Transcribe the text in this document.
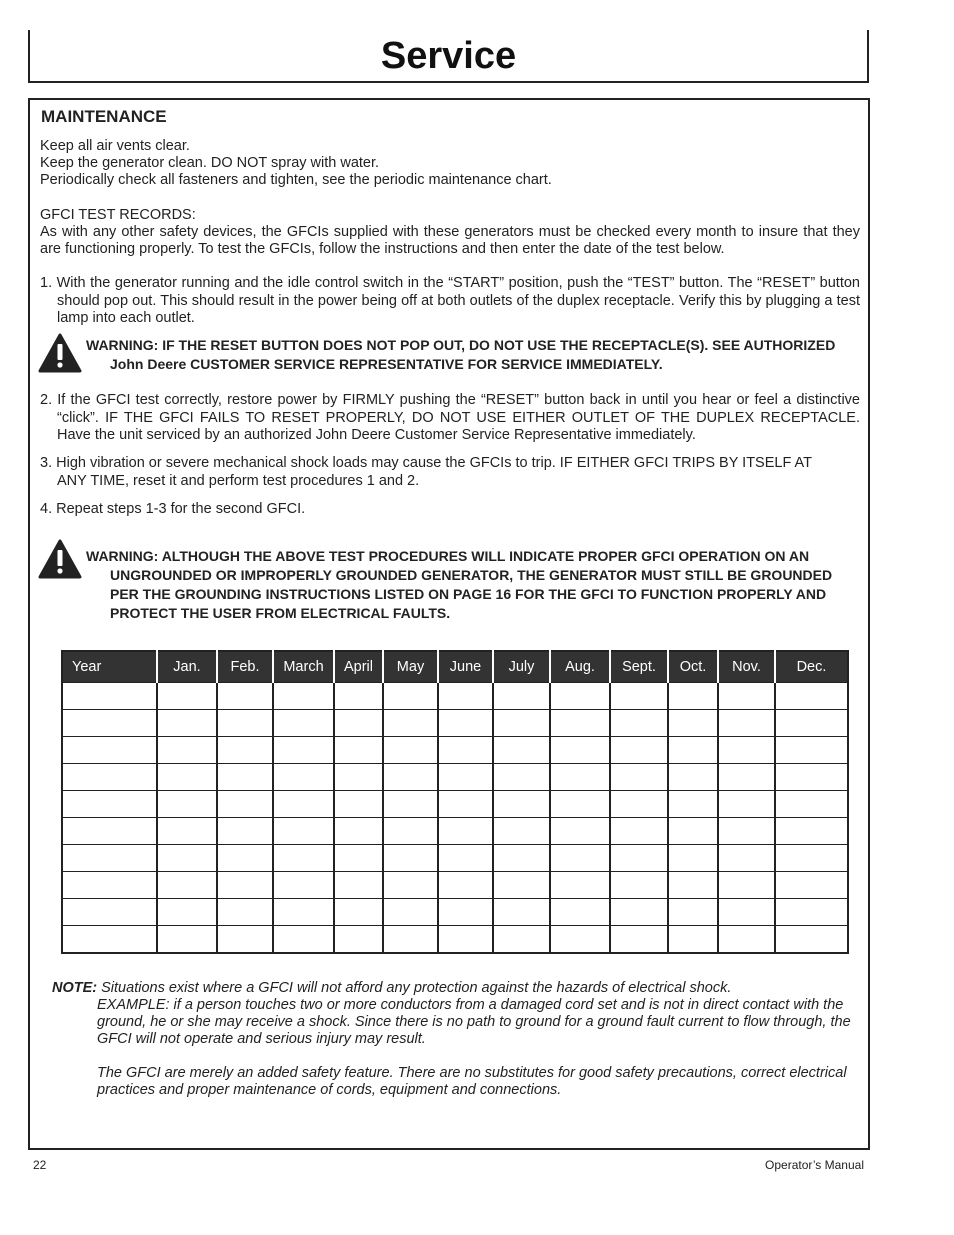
Service
MAINTENANCE
Keep all air vents clear.
Keep the generator clean. DO NOT spray with water.
Periodically check all fasteners and tighten, see the periodic maintenance chart.
GFCI TEST RECORDS:
As with any other safety devices, the GFCIs supplied with these generators must be checked every month to insure that they are functioning properly. To test the GFCIs, follow the instructions and then enter the date of the test below.
1. With the generator running and the idle control switch in the “START” position, push the “TEST” button. The “RESET” button should pop out. This should result in the power being off at both outlets of the duplex receptacle. Verify this by plugging a test lamp into each outlet.
WARNING: IF THE RESET BUTTON DOES NOT POP OUT, DO NOT USE THE RECEPTACLE(S). SEE AUTHORIZED John Deere CUSTOMER SERVICE REPRESENTATIVE FOR SERVICE IMMEDIATELY.
2. If the GFCI test correctly, restore power by FIRMLY pushing the “RESET” button back in until you hear or feel a distinctive “click”. IF THE GFCI FAILS TO RESET PROPERLY, DO NOT USE EITHER OUTLET OF THE DUPLEX RECEPTACLE. Have the unit serviced by an authorized John Deere Customer Service Representative immediately.
3. High vibration or severe mechanical shock loads may cause the GFCIs to trip. IF EITHER GFCI TRIPS BY ITSELF AT ANY TIME, reset it and perform test procedures 1 and 2.
4. Repeat steps 1-3 for the second GFCI.
WARNING: ALTHOUGH THE ABOVE TEST PROCEDURES WILL INDICATE PROPER GFCI OPERATION ON AN UNGROUNDED OR IMPROPERLY GROUNDED GENERATOR, THE GENERATOR MUST STILL BE GROUNDED PER THE GROUNDING INSTRUCTIONS LISTED ON PAGE 16 FOR THE GFCI TO FUNCTION PROPERLY AND PROTECT THE USER FROM ELECTRICAL FAULTS.
Year	Jan.	Feb.	March	April	May	June	July	Aug.	Sept.	Oct.	Nov.	Dec.

NOTE: Situations exist where a GFCI will not afford any protection against the hazards of electrical shock.
EXAMPLE: if a person touches two or more conductors from a damaged cord set and is not in direct contact with the ground, he or she may receive a shock. Since there is no path to ground for a ground fault current to flow through, the GFCI will not operate and serious injury may result.
The GFCI are merely an added safety feature. There are no substitutes for good safety precautions, correct electrical practices and proper maintenance of cords, equipment and connections.
22	Operator’s Manual
